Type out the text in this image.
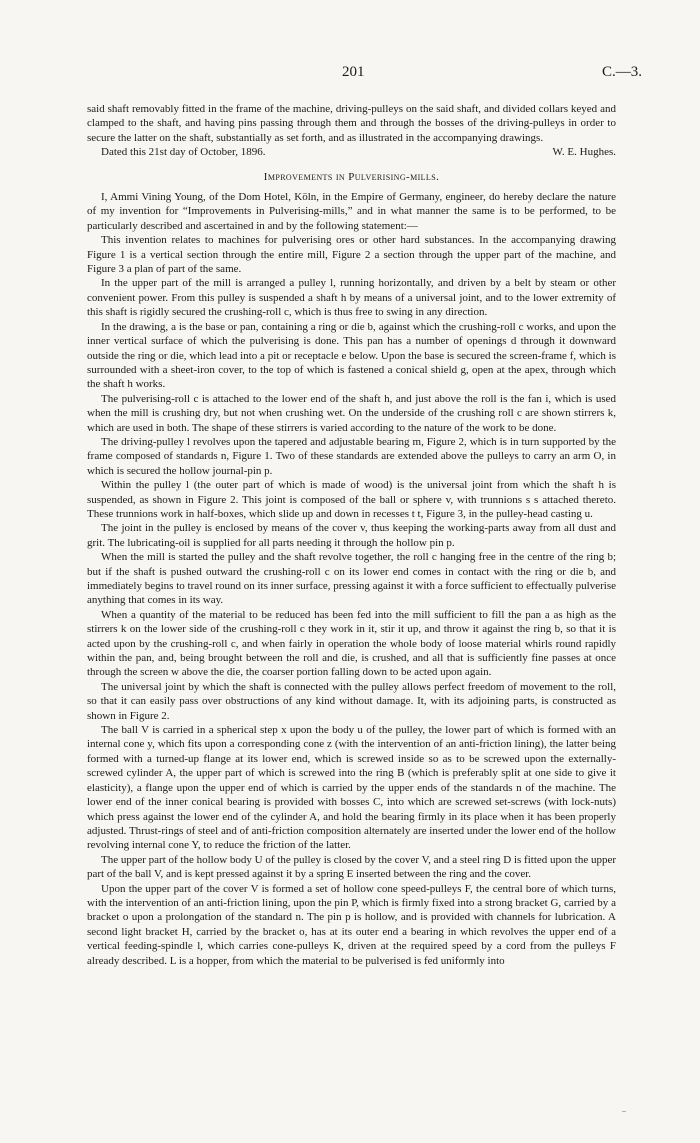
201	C.—3.

said shaft removably fitted in the frame of the machine, driving-pulleys on the said shaft, and divided collars keyed and clamped to the shaft, and having pins passing through them and through the bosses of the driving-pulleys in order to secure the latter on the shaft, substantially as set forth, and as illustrated in the accompanying drawings.

Dated this 21st day of October, 1896.	W. E. Hughes.
Improvements in Pulverising-mills.

I, Ammi Vining Young, of the Dom Hotel, Köln, in the Empire of Germany, engineer, do hereby declare the nature of my invention for “Improvements in Pulverising-mills,” and in what manner the same is to be performed, to be particularly described and ascertained in and by the following statement:—

This invention relates to machines for pulverising ores or other hard substances. In the accompanying drawing Figure 1 is a vertical section through the entire mill, Figure 2 a section through the upper part of the machine, and Figure 3 a plan of part of the same.

In the upper part of the mill is arranged a pulley l, running horizontally, and driven by a belt by steam or other convenient power. From this pulley is suspended a shaft h by means of a universal joint, and to the lower extremity of this shaft is rigidly secured the crushing-roll c, which is thus free to swing in any direction.

In the drawing, a is the base or pan, containing a ring or die b, against which the crushing-roll c works, and upon the inner vertical surface of which the pulverising is done. This pan has a number of openings d through it downward outside the ring or die, which lead into a pit or receptacle e below. Upon the base is secured the screen-frame f, which is surrounded with a sheet-iron cover, to the top of which is fastened a conical shield g, open at the apex, through which the shaft h works.

The pulverising-roll c is attached to the lower end of the shaft h, and just above the roll is the fan i, which is used when the mill is crushing dry, but not when crushing wet. On the underside of the crushing roll c are shown stirrers k, which are used in both. The shape of these stirrers is varied according to the nature of the work to be done.

The driving-pulley l revolves upon the tapered and adjustable bearing m, Figure 2, which is in turn supported by the frame composed of standards n, Figure 1. Two of these standards are extended above the pulleys to carry an arm O, in which is secured the hollow journal-pin p.

Within the pulley l (the outer part of which is made of wood) is the universal joint from which the shaft h is suspended, as shown in Figure 2. This joint is composed of the ball or sphere v, with trunnions s s attached thereto. These trunnions work in half-boxes, which slide up and down in recesses t t, Figure 3, in the pulley-head casting u.

The joint in the pulley is enclosed by means of the cover v, thus keeping the working-parts away from all dust and grit. The lubricating-oil is supplied for all parts needing it through the hollow pin p.

When the mill is started the pulley and the shaft revolve together, the roll c hanging free in the centre of the ring b; but if the shaft is pushed outward the crushing-roll c on its lower end comes in contact with the ring or die b, and immediately begins to travel round on its inner surface, pressing against it with a force sufficient to effectually pulverise anything that comes in its way.

When a quantity of the material to be reduced has been fed into the mill sufficient to fill the pan a as high as the stirrers k on the lower side of the crushing-roll c they work in it, stir it up, and throw it against the ring b, so that it is acted upon by the crushing-roll c, and when fairly in operation the whole body of loose material whirls round rapidly within the pan, and, being brought between the roll and die, is crushed, and all that is sufficiently fine passes at once through the screen w above the die, the coarser portion falling down to be acted upon again.

The universal joint by which the shaft is connected with the pulley allows perfect freedom of movement to the roll, so that it can easily pass over obstructions of any kind without damage. It, with its adjoining parts, is constructed as shown in Figure 2.

The ball V is carried in a spherical step x upon the body u of the pulley, the lower part of which is formed with an internal cone y, which fits upon a corresponding cone z (with the intervention of an anti-friction lining), the latter being formed with a turned-up flange at its lower end, which is screwed inside so as to be screwed upon the externally-screwed cylinder A, the upper part of which is screwed into the ring B (which is preferably split at one side to give it elasticity), a flange upon the upper end of which is carried by the upper ends of the standards n of the machine. The lower end of the inner conical bearing is provided with bosses C, into which are screwed set-screws (with lock-nuts) which press against the lower end of the cylinder A, and hold the bearing firmly in its place when it has been properly adjusted. Thrust-rings of steel and of anti-friction composition alternately are inserted under the lower end of the hollow revolving internal cone Y, to reduce the friction of the latter.

The upper part of the hollow body U of the pulley is closed by the cover V, and a steel ring D is fitted upon the upper part of the ball V, and is kept pressed against it by a spring E inserted between the ring and the cover.

Upon the upper part of the cover V is formed a set of hollow cone speed-pulleys F, the central bore of which turns, with the intervention of an anti-friction lining, upon the pin P, which is firmly fixed into a strong bracket G, carried by a bracket o upon a prolongation of the standard n. The pin p is hollow, and is provided with channels for lubrication. A second light bracket H, carried by the bracket o, has at its outer end a bearing in which revolves the upper end of a vertical feeding-spindle l, which carries cone-pulleys K, driven at the required speed by a cord from the pulleys F already described. L is a hopper, from which the material to be pulverised is fed uniformly into

–
